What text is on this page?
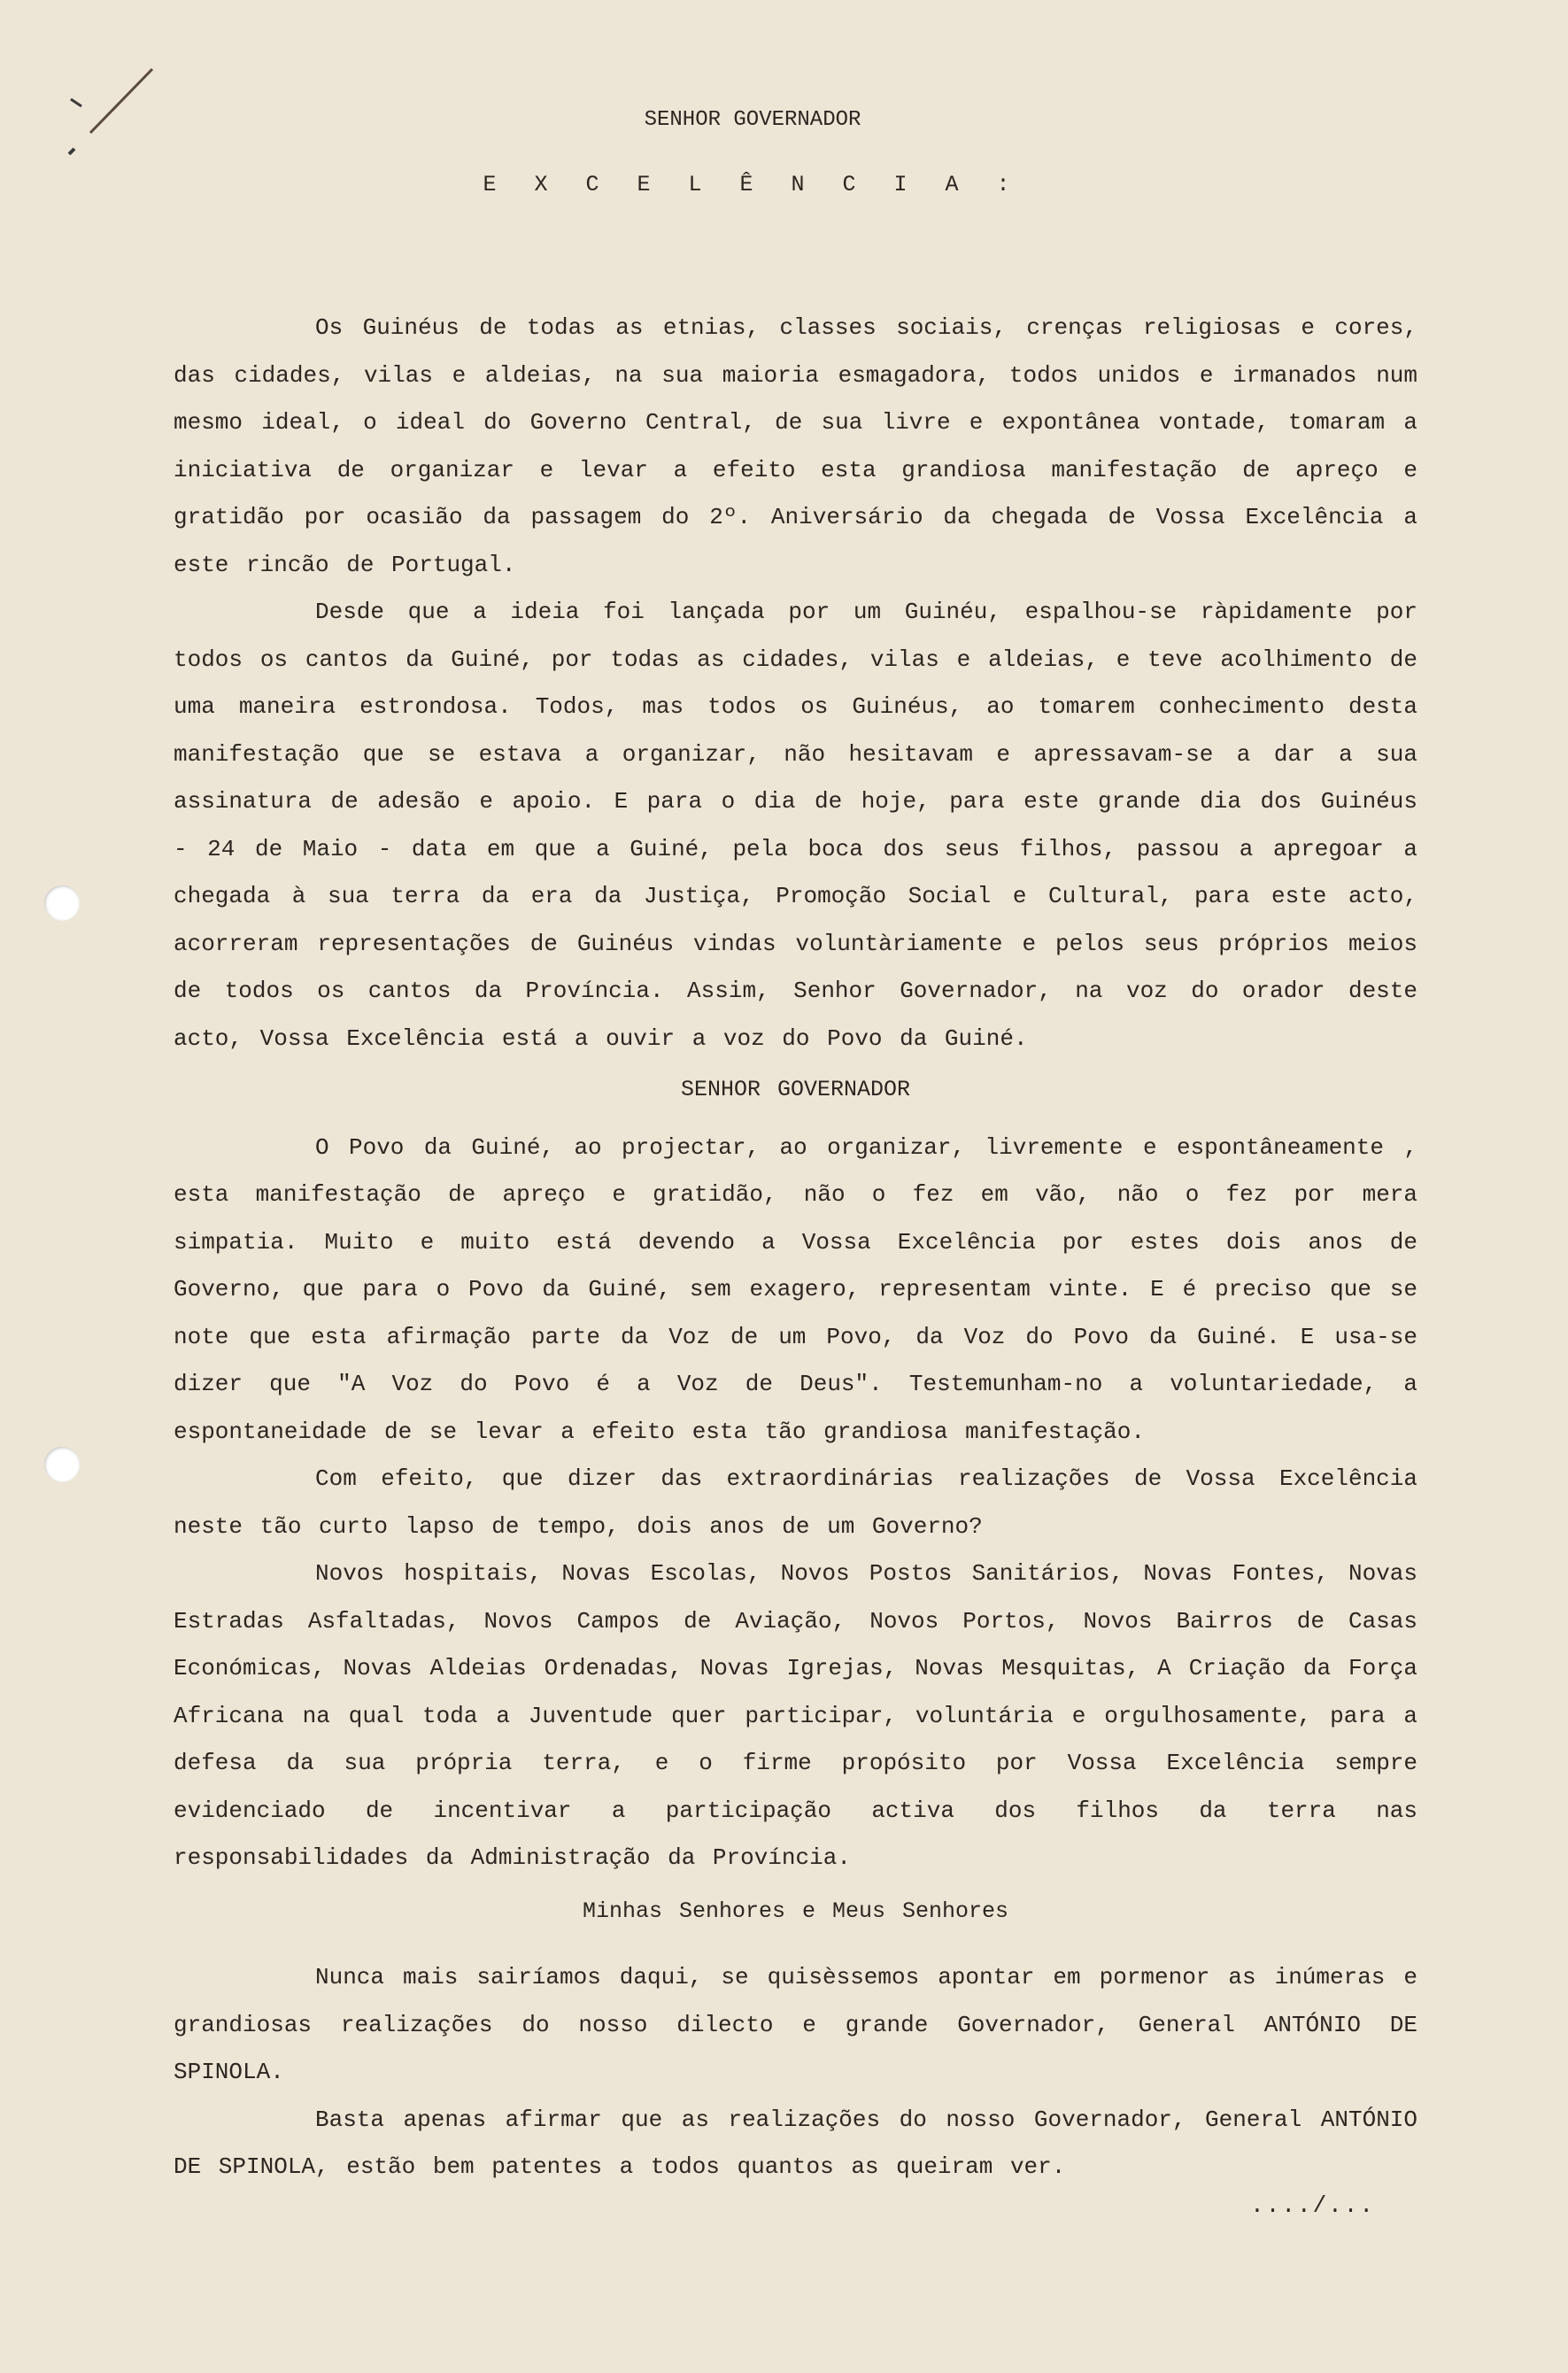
SENHOR GOVERNADOR
E X C E L Ê N C I A :

Os Guinéus de todas as etnias, classes sociais, crenças religiosas e cores, das cidades, vilas e aldeias, na sua maioria esmagadora, todos unidos e irmanados num mesmo ideal, o ideal do Governo Central, de sua livre e expontânea vontade, tomaram a iniciativa de organizar e levar a efeito esta grandiosa manifestação de apreço e gratidão por ocasião da passagem do 2º. Aniversário da chegada de Vossa Excelência a este rincão de Portugal.

Desde que a ideia foi lançada por um Guinéu, espalhou-se ràpidamente por todos os cantos da Guiné, por todas as cidades, vilas e aldeias, e teve acolhimento de uma maneira estrondosa. Todos, mas todos os Guinéus, ao tomarem conhecimento desta manifestação que se estava a organizar, não hesitavam e apressavam-se a dar a sua assinatura de adesão e apoio. E para o dia de hoje, para este grande dia dos Guinéus - 24 de Maio - data em que a Guiné, pela boca dos seus filhos, passou a apregoar a chegada à sua terra da era da Justiça, Promoção Social e Cultural, para este acto, acorreram representações de Guinéus vindas voluntàriamente e pelos seus próprios meios de todos os cantos da Província. Assim, Senhor Governador, na voz do orador deste acto, Vossa Excelência está a ouvir a voz do Povo da Guiné.

SENHOR GOVERNADOR

O Povo da Guiné, ao projectar, ao organizar, livremente e espontâneamente , esta manifestação de apreço e gratidão, não o fez em vão, não o fez por mera simpatia. Muito e muito está devendo a Vossa Excelência por estes dois anos de Governo, que para o Povo da Guiné, sem exagero, representam vinte. E é preciso que se note que esta afirmação parte da Voz de um Povo, da Voz do Povo da Guiné. E usa-se dizer que "A Voz do Povo é a Voz de Deus". Testemunham-no a voluntariedade, a espontaneidade de se levar a efeito esta tão grandiosa manifestação.

Com efeito, que dizer das extraordinárias realizações de Vossa Excelência neste tão curto lapso de tempo, dois anos de um Governo?

Novos hospitais, Novas Escolas, Novos Postos Sanitários, Novas Fontes, Novas Estradas Asfaltadas, Novos Campos de Aviação, Novos Portos, Novos Bairros de Casas Económicas, Novas Aldeias Ordenadas, Novas Igrejas, Novas Mesquitas, A Criação da Força Africana na qual toda a Juventude quer participar, voluntária e orgulhosamente, para a defesa da sua própria terra, e o firme propósito por Vossa Excelência sempre evidenciado de incentivar a participação activa dos filhos da terra nas responsabilidades da Administração da Província.

Minhas Senhores e Meus Senhores

Nunca mais sairíamos daqui, se quisèssemos apontar em pormenor as inúmeras e grandiosas realizações do nosso dilecto e grande Governador, General ANTÓNIO DE SPINOLA.

Basta apenas afirmar que as realizações do nosso Governador, General ANTÓNIO DE SPINOLA, estão bem patentes a todos quantos as queiram ver.

..../...
